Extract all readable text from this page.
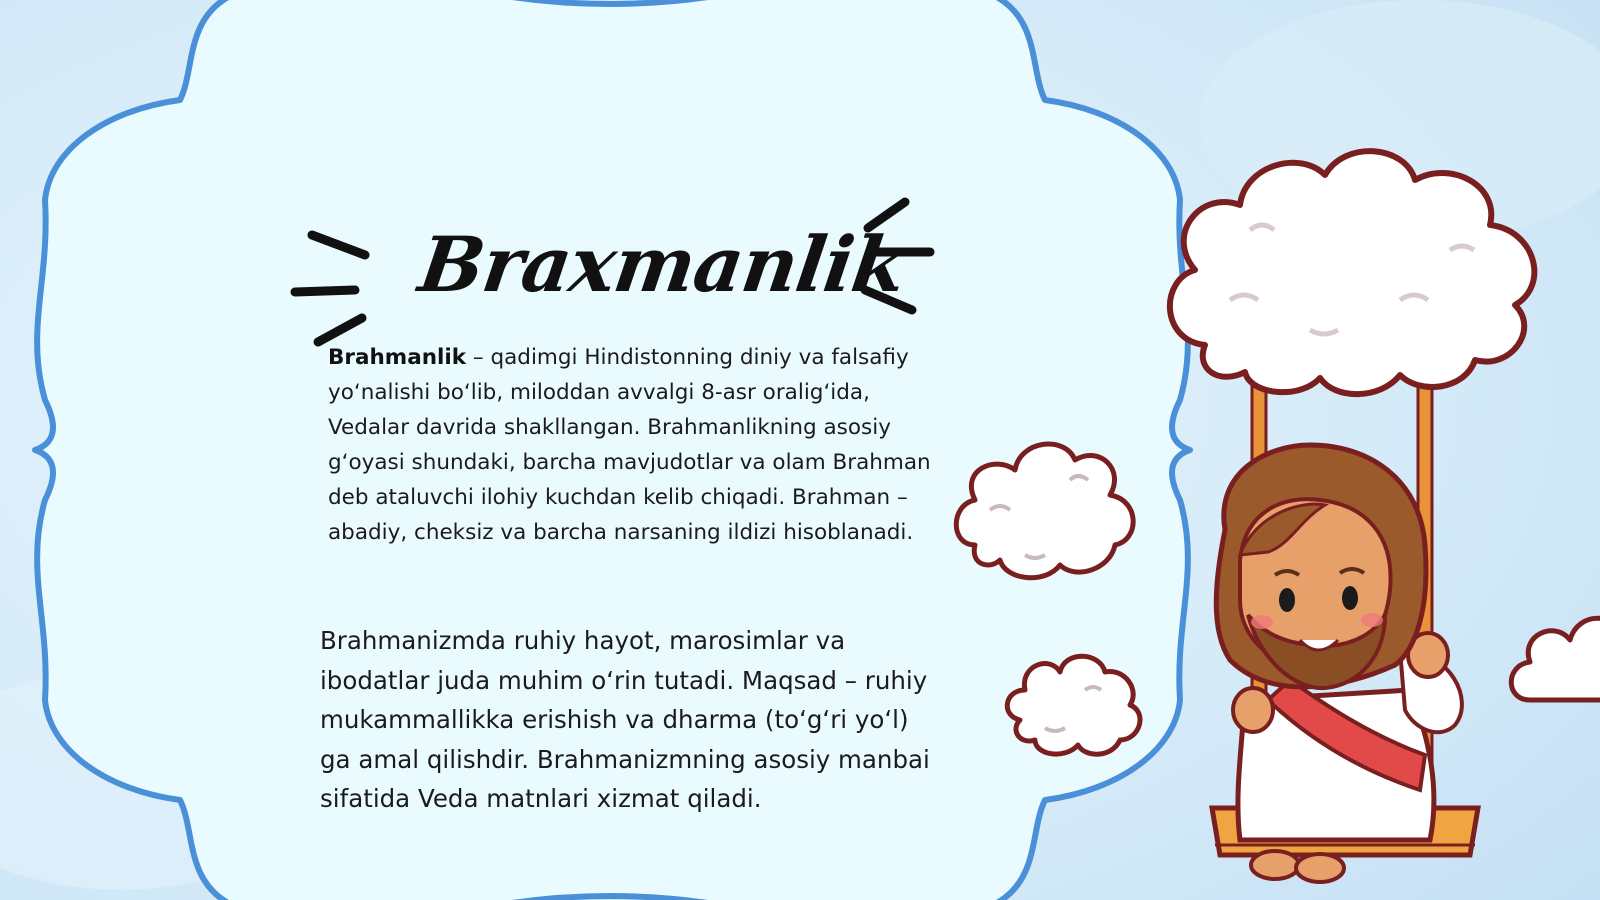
Braxmanlik

Brahmanlik – qadimgi Hindistonning diniy va falsafiy yo‘nalishi bo‘lib, miloddan avvalgi 8-asr oralig‘ida, Vedalar davrida shakllangan. Brahmanlikning asosiy g‘oyasi shundaki, barcha mavjudotlar va olam Brahman deb ataluvchi ilohiy kuchdan kelib chiqadi. Brahman – abadiy, cheksiz va barcha narsaning ildizi hisoblanadi.

Brahmanizmda ruhiy hayot, marosimlar va ibodatlar juda muhim o‘rin tutadi. Maqsad – ruhiy mukammallikka erishish va dharma (to‘g‘ri yo‘l) ga amal qilishdir. Brahmanizmning asosiy manbai sifatida Veda matnlari xizmat qiladi.
